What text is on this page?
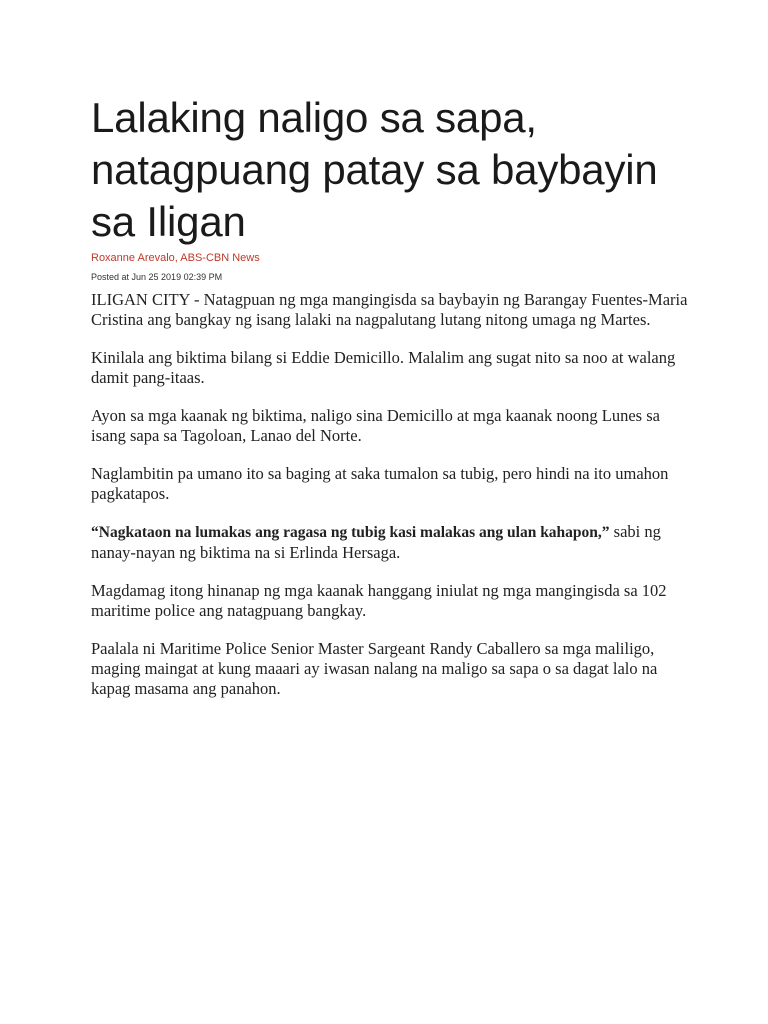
Lalaking naligo sa sapa, natagpuang patay sa baybayin sa Iligan

Roxanne Arevalo, ABS-CBN News

Posted at Jun 25 2019 02:39 PM

ILIGAN CITY - Natagpuan ng mga mangingisda sa baybayin ng Barangay Fuentes-Maria Cristina ang bangkay ng isang lalaki na nagpalutang lutang nitong umaga ng Martes.

Kinilala ang biktima bilang si Eddie Demicillo. Malalim ang sugat nito sa noo at walang damit pang-itaas.

Ayon sa mga kaanak ng biktima, naligo sina Demicillo at mga kaanak noong Lunes sa isang sapa sa Tagoloan, Lanao del Norte.

Naglambitin pa umano ito sa baging at saka tumalon sa tubig, pero hindi na ito umahon pagkatapos.

“Nagkataon na lumakas ang ragasa ng tubig kasi malakas ang ulan kahapon,” sabi ng nanay-nayan ng biktima na si Erlinda Hersaga.

Magdamag itong hinanap ng mga kaanak hanggang iniulat ng mga mangingisda sa 102 maritime police ang natagpuang bangkay.

Paalala ni Maritime Police Senior Master Sargeant Randy Caballero sa mga maliligo, maging maingat at kung maaari ay iwasan nalang na maligo sa sapa o sa dagat lalo na kapag masama ang panahon.
